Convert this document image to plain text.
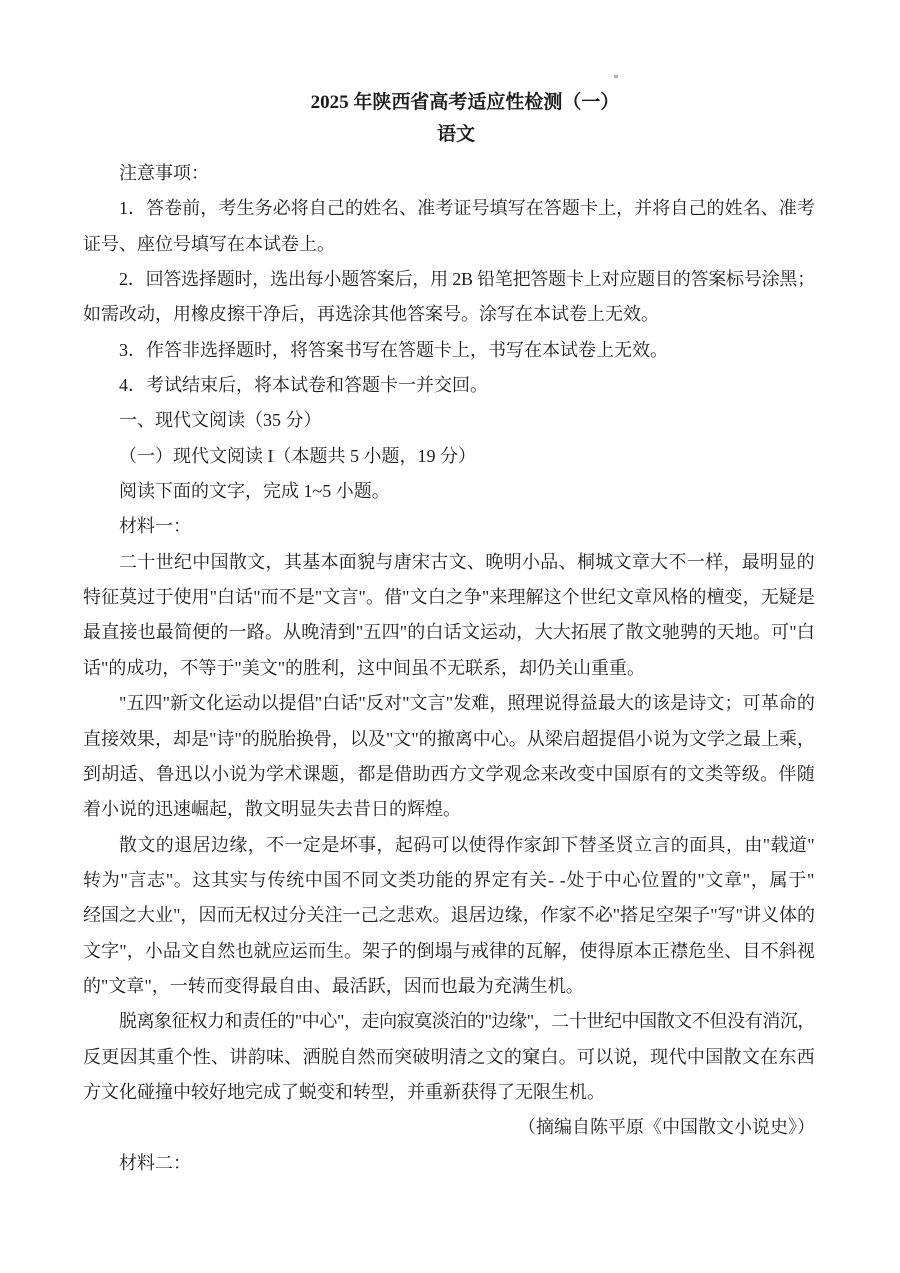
2025 年陕西省高考适应性检测（一）
语文
注意事项：
1．答卷前，考生务必将自己的姓名、准考证号填写在答题卡上，并将自己的姓名、准考
证号、座位号填写在本试卷上。
2．回答选择题时，选出每小题答案后，用 2B 铅笔把答题卡上对应题目的答案标号涂黑；
如需改动，用橡皮擦干净后，再选涂其他答案号。涂写在本试卷上无效。
3．作答非选择题时，将答案书写在答题卡上，书写在本试卷上无效。
4．考试结束后，将本试卷和答题卡一并交回。
一、现代文阅读（35 分）
（一）现代文阅读 I（本题共 5 小题，19 分）
阅读下面的文字，完成 1~5 小题。
材料一：
二十世纪中国散文，其基本面貌与唐宋古文、晚明小品、桐城文章大不一样，最明显的
特征莫过于使用"白话"而不是"文言"。借"文白之争"来理解这个世纪文章风格的檀变，无疑是
最直接也最简便的一路。从晚清到"五四"的白话文运动，大大拓展了散文驰骋的天地。可"白
话"的成功，不等于"美文"的胜利，这中间虽不无联系，却仍关山重重。
"五四"新文化运动以提倡"白话"反对"文言"发难，照理说得益最大的该是诗文；可革命的
直接效果，却是"诗"的脱胎换骨，以及"文"的撤离中心。从梁启超提倡小说为文学之最上乘，
到胡适、鲁迅以小说为学术课题，都是借助西方文学观念来改变中国原有的文类等级。伴随
着小说的迅速崛起，散文明显失去昔日的辉煌。
散文的退居边缘，不一定是坏事，起码可以使得作家卸下替圣贤立言的面具，由"载道"
转为"言志"。这其实与传统中国不同文类功能的界定有关- -处于中心位置的"文章"，属于"
经国之大业"，因而无权过分关注一己之悲欢。退居边缘，作家不必"搭足空架子"写"讲义体的
文字"，小品文自然也就应运而生。架子的倒塌与戒律的瓦解，使得原本正襟危坐、目不斜视
的"文章"，一转而变得最自由、最活跃，因而也最为充满生机。
脱离象征权力和责任的"中心"，走向寂寞淡泊的"边缘"，二十世纪中国散文不但没有消沉，
反更因其重个性、讲韵味、洒脱自然而突破明清之文的窠白。可以说，现代中国散文在东西
方文化碰撞中较好地完成了蜕变和转型，并重新获得了无限生机。
（摘编自陈平原《中国散文小说史》）
材料二：
